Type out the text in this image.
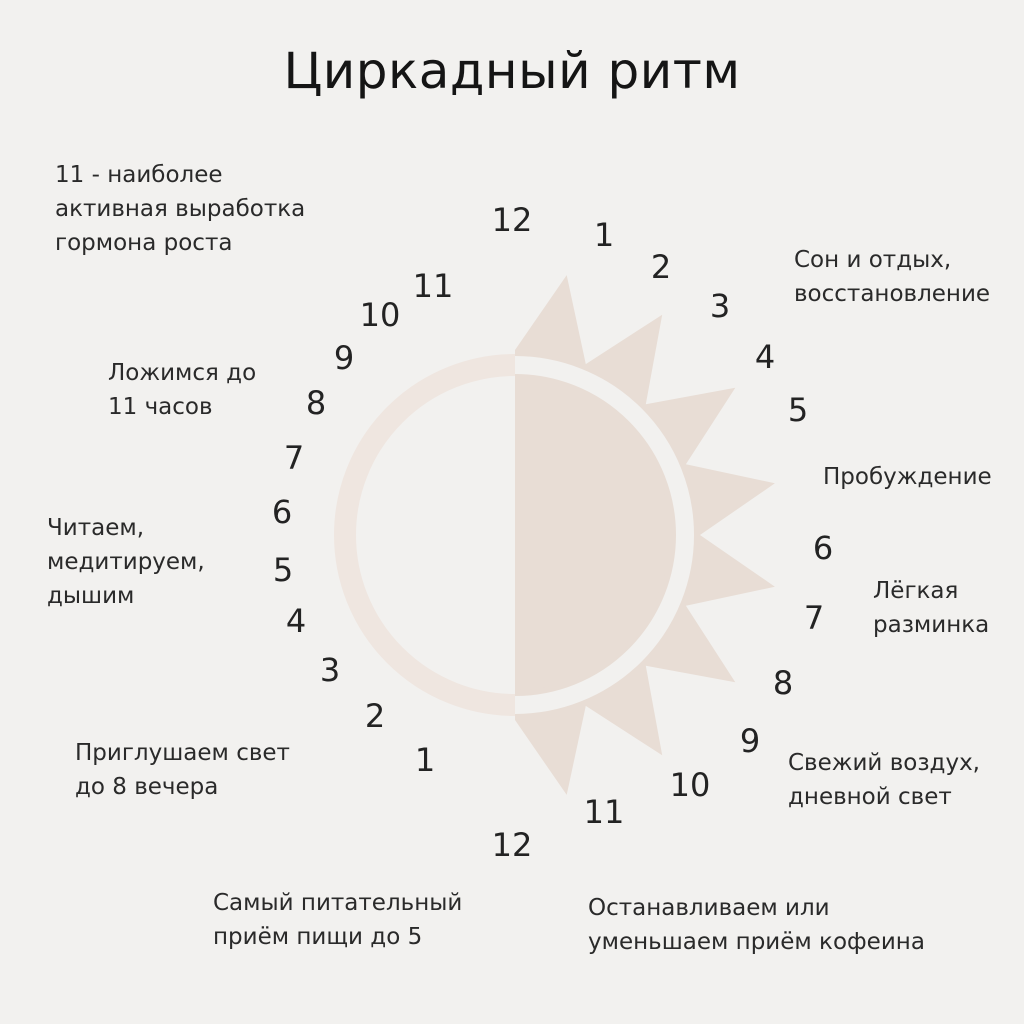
Циркадный ритм
12 1
2
3
4
5
6
7
8
9
10
11
12
11
10
9
8
7
6
5
4
3
2
1
11 - наиболее
активная выработка
гормона роста
Ложимся до
11 часов
Читаем,
медитируем,
дышим
Приглушаем свет
до 8 вечера
Самый питательный
приём пищи до 5
Сон и отдых,
восстановление
Пробуждение
Лёгкая
разминка
Свежий воздух,
дневной свет
Останавливаем или
уменьшаем приём кофеина
